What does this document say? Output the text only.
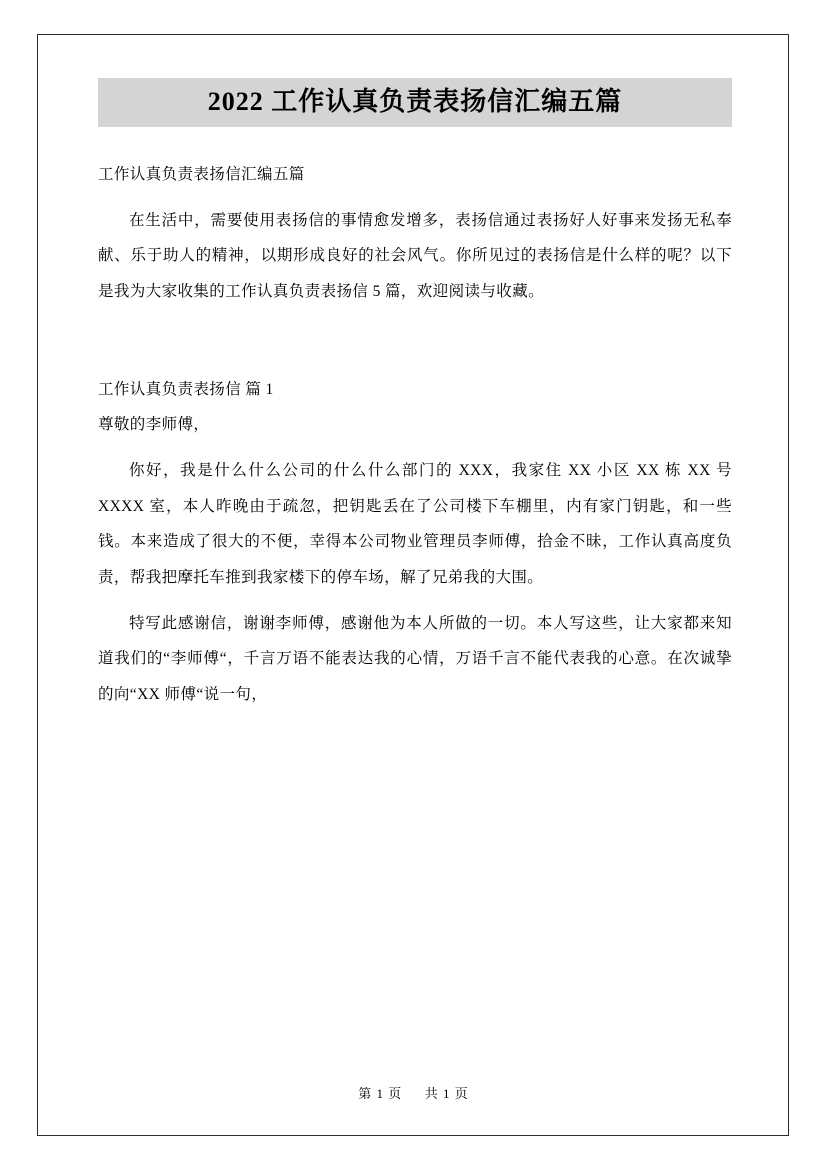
2022 工作认真负责表扬信汇编五篇

工作认真负责表扬信汇编五篇

在生活中，需要使用表扬信的事情愈发增多，表扬信通过表扬好人好事来发扬无私奉献、乐于助人的精神，以期形成良好的社会风气。你所见过的表扬信是什么样的呢？以下是我为大家收集的工作认真负责表扬信 5 篇，欢迎阅读与收藏。

工作认真负责表扬信 篇 1

尊敬的李师傅，

你好，我是什么什么公司的什么什么部门的 XXX，我家住 XX 小区 XX 栋 XX 号 XXXX 室，本人昨晚由于疏忽，把钥匙丢在了公司楼下车棚里，内有家门钥匙，和一些钱。本来造成了很大的不便，幸得本公司物业管理员李师傅，拾金不昧，工作认真高度负责，帮我把摩托车推到我家楼下的停车场，解了兄弟我的大围。

特写此感谢信，谢谢李师傅，感谢他为本人所做的一切。本人写这些，让大家都来知道我们的“李师傅“，千言万语不能表达我的心情，万语千言不能代表我的心意。在次诚挚的向“XX 师傅“说一句，

第 1 页 共 1 页
